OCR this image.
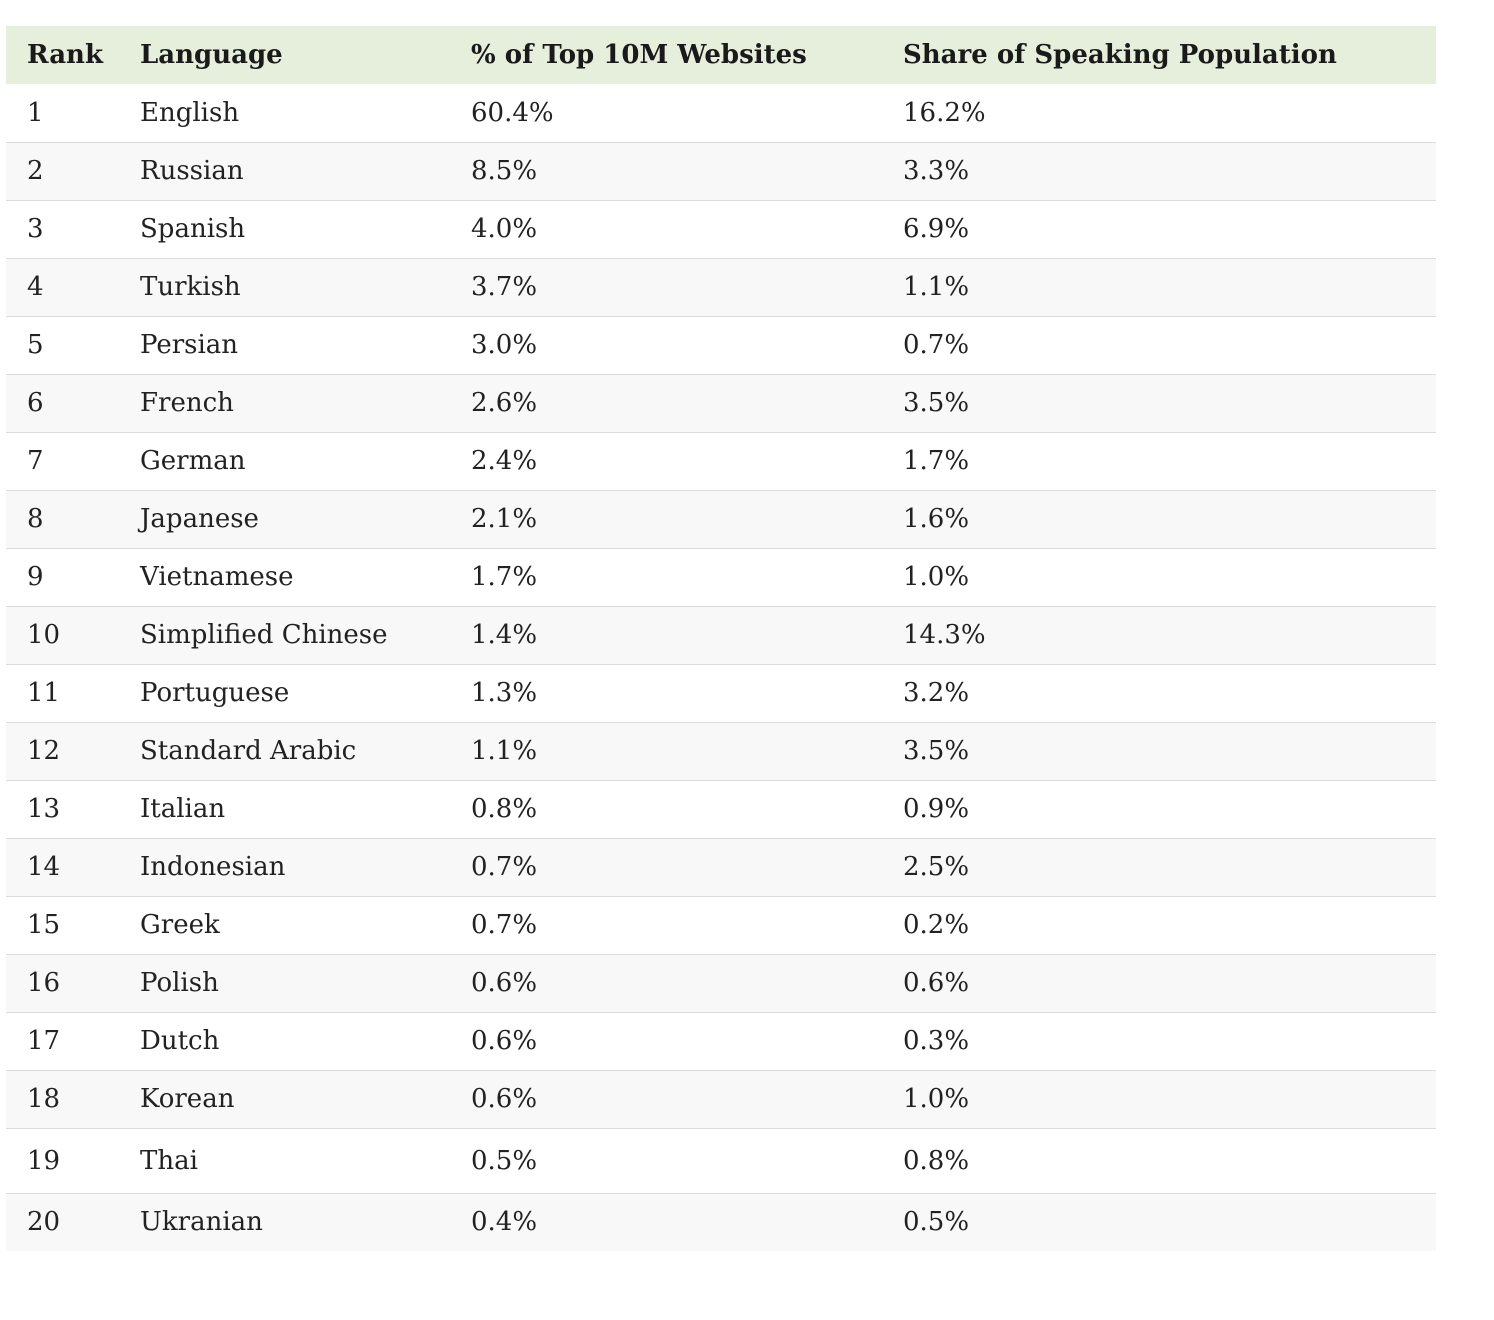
Rank	Language	% of Top 10M Websites	Share of Speaking Population
1	English	60.4%	16.2%
2	Russian	8.5%	3.3%
3	Spanish	4.0%	6.9%
4	Turkish	3.7%	1.1%
5	Persian	3.0%	0.7%
6	French	2.6%	3.5%
7	German	2.4%	1.7%
8	Japanese	2.1%	1.6%
9	Vietnamese	1.7%	1.0%
10	Simplified Chinese	1.4%	14.3%
11	Portuguese	1.3%	3.2%
12	Standard Arabic	1.1%	3.5%
13	Italian	0.8%	0.9%
14	Indonesian	0.7%	2.5%
15	Greek	0.7%	0.2%
16	Polish	0.6%	0.6%
17	Dutch	0.6%	0.3%
18	Korean	0.6%	1.0%
19	Thai	0.5%	0.8%
20	Ukranian	0.4%	0.5%
